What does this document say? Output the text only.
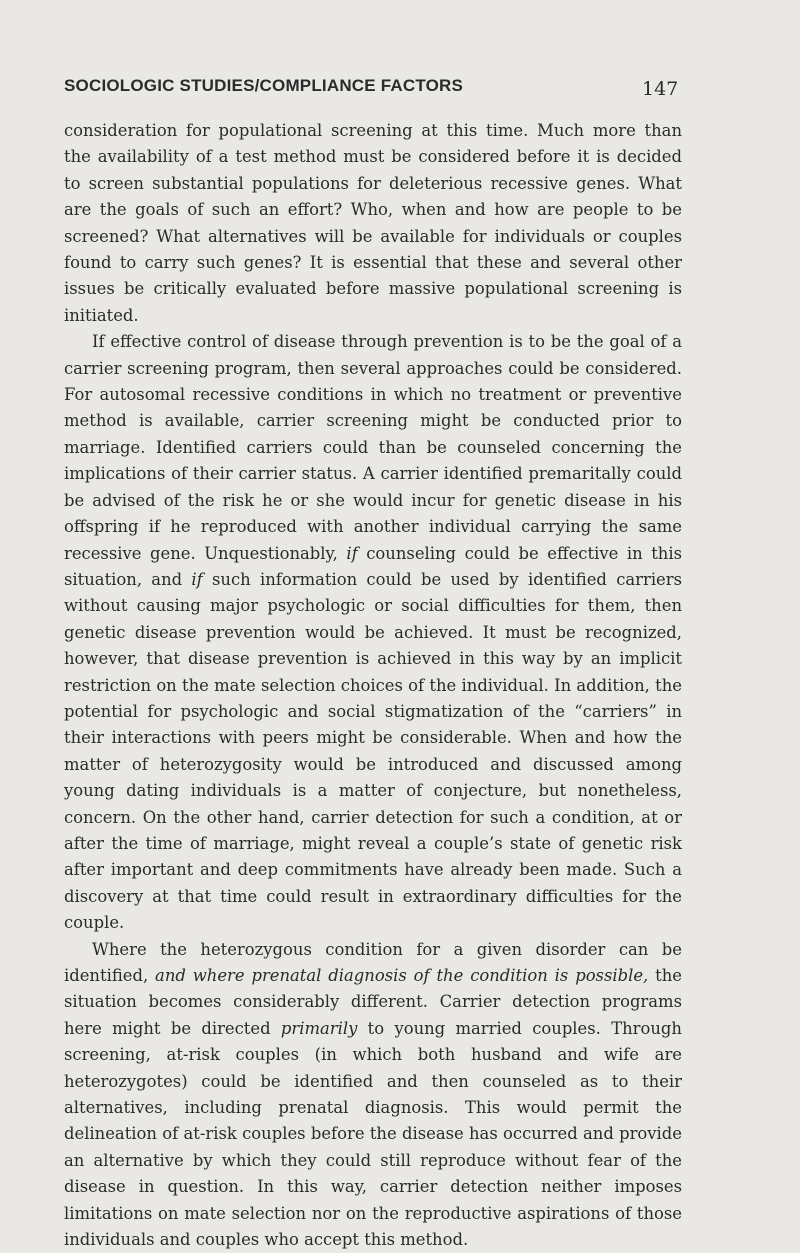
SOCIOLOGIC STUDIES/COMPLIANCE FACTORS	147

consideration for populational screening at this time. Much more than the availability of a test method must be considered before it is decided to screen substantial populations for deleterious recessive genes. What are the goals of such an effort? Who, when and how are people to be screened? What alternatives will be available for individuals or couples found to carry such genes? It is essential that these and several other issues be critically evaluated before massive populational screening is initiated.

If effective control of disease through prevention is to be the goal of a carrier screening program, then several approaches could be considered. For autosomal recessive conditions in which no treatment or preventive method is available, carrier screening might be conducted prior to marriage. Identified carriers could than be counseled concerning the implications of their carrier status. A carrier identified premaritally could be advised of the risk he or she would incur for genetic disease in his offspring if he reproduced with another individual carrying the same recessive gene. Unquestionably, if counseling could be effective in this situation, and if such information could be used by identified carriers without causing major psychologic or social difficulties for them, then genetic disease prevention would be achieved. It must be recognized, however, that disease prevention is achieved in this way by an implicit restriction on the mate selection choices of the individual. In addition, the potential for psychologic and social stigmatization of the “carriers” in their interactions with peers might be considerable. When and how the matter of heterozygosity would be introduced and discussed among young dating individuals is a matter of conjecture, but nonetheless, concern. On the other hand, carrier detection for such a condition, at or after the time of marriage, might reveal a couple’s state of genetic risk after important and deep commitments have already been made. Such a discovery at that time could result in extraordinary difficulties for the couple.

Where the heterozygous condition for a given disorder can be identified, and where prenatal diagnosis of the condition is possible, the situation becomes considerably different. Carrier detection programs here might be directed primarily to young married couples. Through screening, at-risk couples (in which both husband and wife are heterozygotes) could be identified and then counseled as to their alternatives, including prenatal diagnosis. This would permit the delineation of at-risk couples before the disease has occurred and provide an alternative by which they could still reproduce without fear of the disease in question. In this way, carrier detection neither imposes limitations on mate selection nor on the reproductive aspirations of those individuals and couples who accept this method.
